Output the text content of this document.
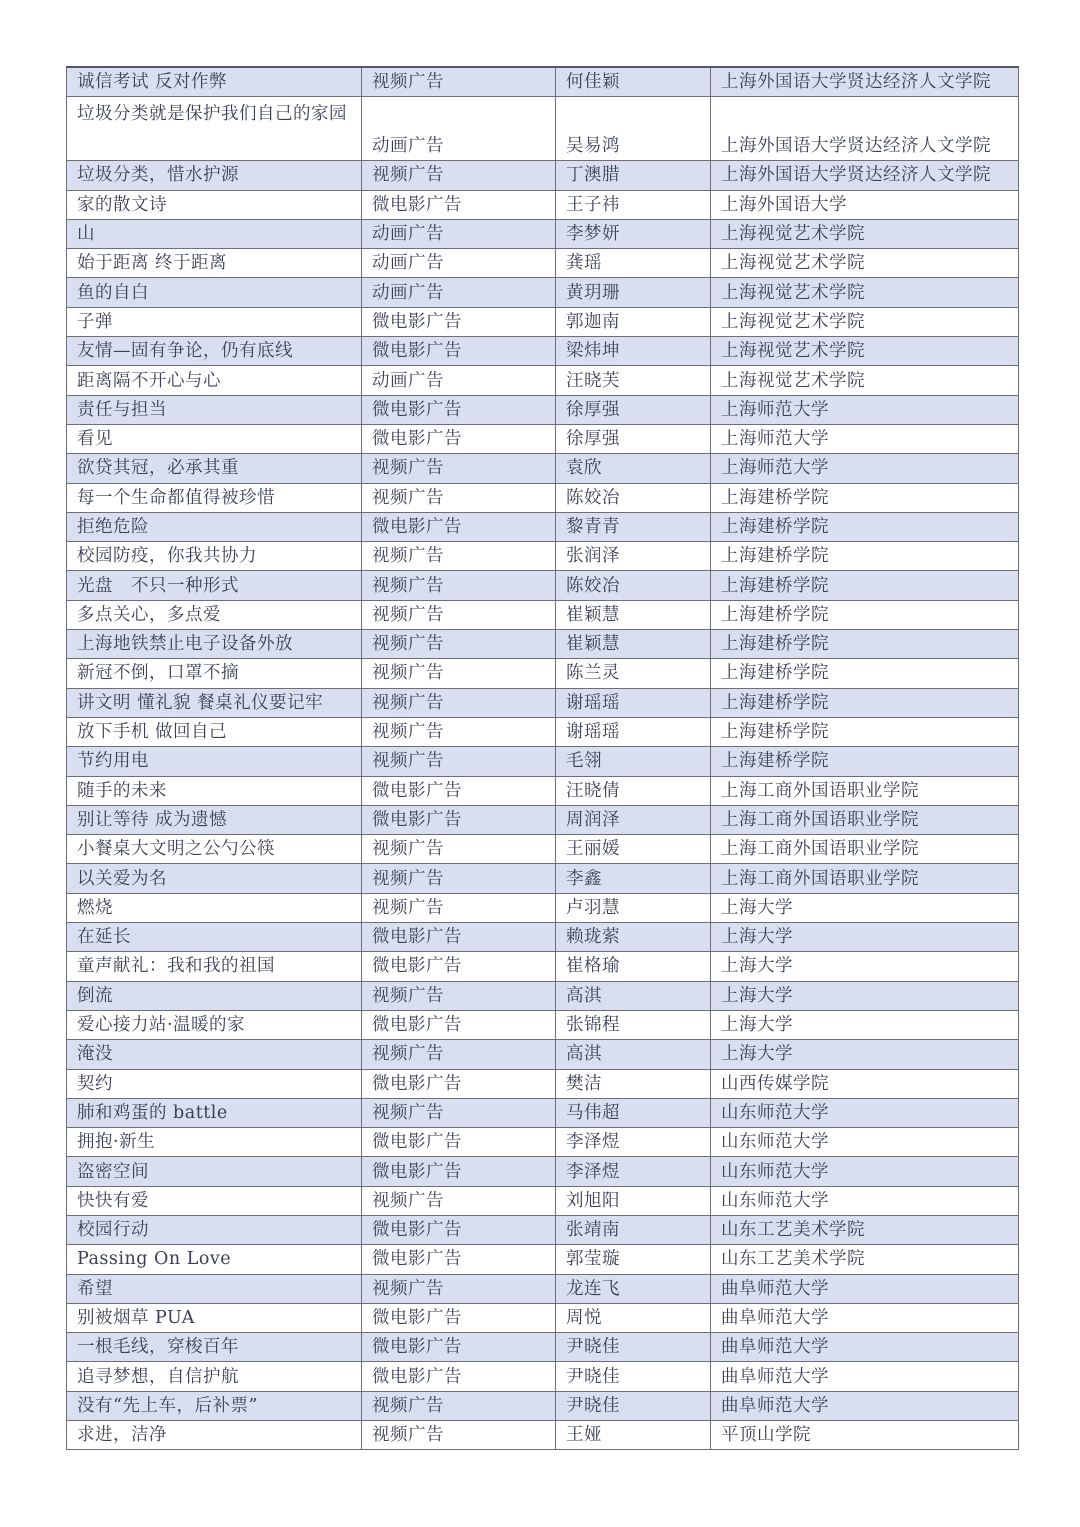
诚信考试 反对作弊	视频广告	何佳颖	上海外国语大学贤达经济人文学院
垃圾分类就是保护我们自己的家园	动画广告	吴易鸿	上海外国语大学贤达经济人文学院
垃圾分类，惜水护源	视频广告	丁澳腊	上海外国语大学贤达经济人文学院
家的散文诗	微电影广告	王子祎	上海外国语大学
山	动画广告	李梦妍	上海视觉艺术学院
始于距离 终于距离	动画广告	龚瑶	上海视觉艺术学院
鱼的自白	动画广告	黄玥珊	上海视觉艺术学院
子弹	微电影广告	郭迦南	上海视觉艺术学院
友情—固有争论，仍有底线	微电影广告	梁炜坤	上海视觉艺术学院
距离隔不开心与心	动画广告	汪晓芙	上海视觉艺术学院
责任与担当	微电影广告	徐厚强	上海师范大学
看见	微电影广告	徐厚强	上海师范大学
欲贷其冠，必承其重	视频广告	袁欣	上海师范大学
每一个生命都值得被珍惜	视频广告	陈姣冶	上海建桥学院
拒绝危险	微电影广告	黎青青	上海建桥学院
校园防疫，你我共协力	视频广告	张润泽	上海建桥学院
光盘　不只一种形式	视频广告	陈姣冶	上海建桥学院
多点关心，多点爱	视频广告	崔颖慧	上海建桥学院
上海地铁禁止电子设备外放	视频广告	崔颖慧	上海建桥学院
新冠不倒，口罩不摘	视频广告	陈兰灵	上海建桥学院
讲文明 懂礼貌 餐桌礼仪要记牢	视频广告	谢瑶瑶	上海建桥学院
放下手机 做回自己	视频广告	谢瑶瑶	上海建桥学院
节约用电	视频广告	毛翎	上海建桥学院
随手的未来	微电影广告	汪晓倩	上海工商外国语职业学院
别让等待 成为遗憾	微电影广告	周润泽	上海工商外国语职业学院
小餐桌大文明之公勺公筷	视频广告	王丽媛	上海工商外国语职业学院
以关爱为名	视频广告	李鑫	上海工商外国语职业学院
燃烧	视频广告	卢羽慧	上海大学
在延长	微电影广告	赖珑萦	上海大学
童声献礼：我和我的祖国	微电影广告	崔格瑜	上海大学
倒流	视频广告	高淇	上海大学
爱心接力站·温暖的家	微电影广告	张锦程	上海大学
淹没	视频广告	高淇	上海大学
契约	微电影广告	樊洁	山西传媒学院
肺和鸡蛋的 battle	视频广告	马伟超	山东师范大学
拥抱·新生	微电影广告	李泽煜	山东师范大学
盗密空间	微电影广告	李泽煜	山东师范大学
快快有爱	视频广告	刘旭阳	山东师范大学
校园行动	微电影广告	张靖南	山东工艺美术学院
Passing On Love	微电影广告	郭莹璇	山东工艺美术学院
希望	视频广告	龙连飞	曲阜师范大学
别被烟草 PUA	微电影广告	周悦	曲阜师范大学
一根毛线，穿梭百年	微电影广告	尹晓佳	曲阜师范大学
追寻梦想，自信护航	微电影广告	尹晓佳	曲阜师范大学
没有“先上车，后补票”	视频广告	尹晓佳	曲阜师范大学
求进，洁净	视频广告	王娅	平顶山学院
